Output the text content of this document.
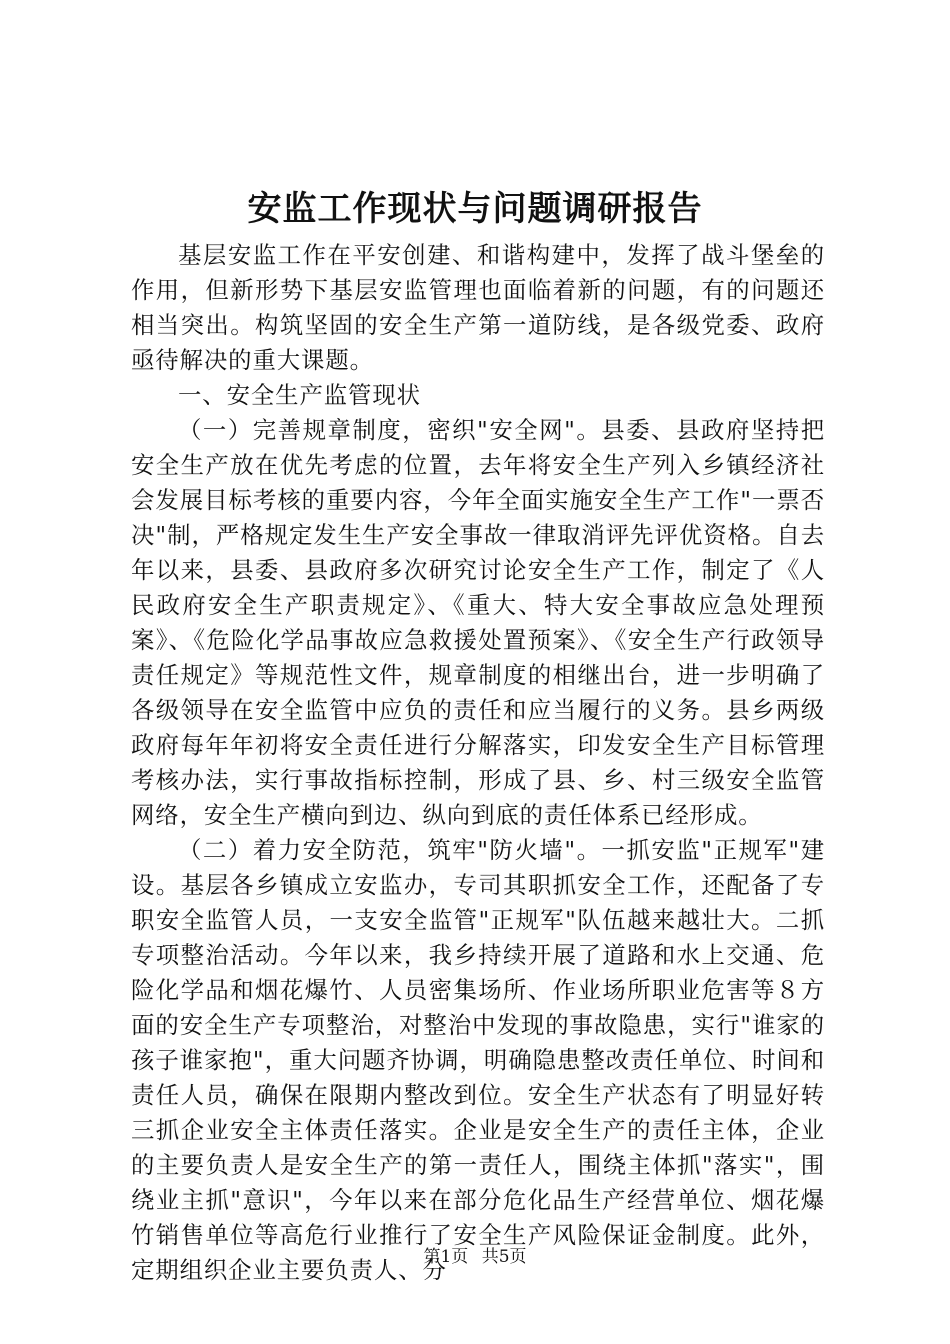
安监工作现状与问题调研报告

基层安监工作在平安创建、和谐构建中，发挥了战斗堡垒的作用，但新形势下基层安监管理也面临着新的问题，有的问题还相当突出。构筑坚固的安全生产第一道防线，是各级党委、政府亟待解决的重大课题。

一、安全生产监管现状

（一）完善规章制度，密织"安全网"。县委、县政府坚持把安全生产放在优先考虑的位置，去年将安全生产列入乡镇经济社会发展目标考核的重要内容，今年全面实施安全生产工作"一票否决"制，严格规定发生生产安全事故一律取消评先评优资格。自去年以来，县委、县政府多次研究讨论安全生产工作，制定了《人民政府安全生产职责规定》、《重大、特大安全事故应急处理预案》、《危险化学品事故应急救援处置预案》、《安全生产行政领导责任规定》等规范性文件，规章制度的相继出台，进一步明确了各级领导在安全监管中应负的责任和应当履行的义务。县乡两级政府每年年初将安全责任进行分解落实，印发安全生产目标管理考核办法，实行事故指标控制，形成了县、乡、村三级安全监管网络，安全生产横向到边、纵向到底的责任体系已经形成。

（二）着力安全防范，筑牢"防火墙"。一抓安监"正规军"建设。基层各乡镇成立安监办，专司其职抓安全工作，还配备了专职安全监管人员，一支安全监管"正规军"队伍越来越壮大。二抓专项整治活动。今年以来，我乡持续开展了道路和水上交通、危险化学品和烟花爆竹、人员密集场所、作业场所职业危害等８方面的安全生产专项整治，对整治中发现的事故隐患，实行"谁家的孩子谁家抱"，重大问题齐协调，明确隐患整改责任单位、时间和责任人员，确保在限期内整改到位。安全生产状态有了明显好转三抓企业安全主体责任落实。企业是安全生产的责任主体，企业的主要负责人是安全生产的第一责任人，围绕主体抓"落实"，围绕业主抓"意识"，今年以来在部分危化品生产经营单位、烟花爆竹销售单位等高危行业推行了安全生产风险保证金制度。此外，定期组织企业主要负责人、分

第1页 共5页
